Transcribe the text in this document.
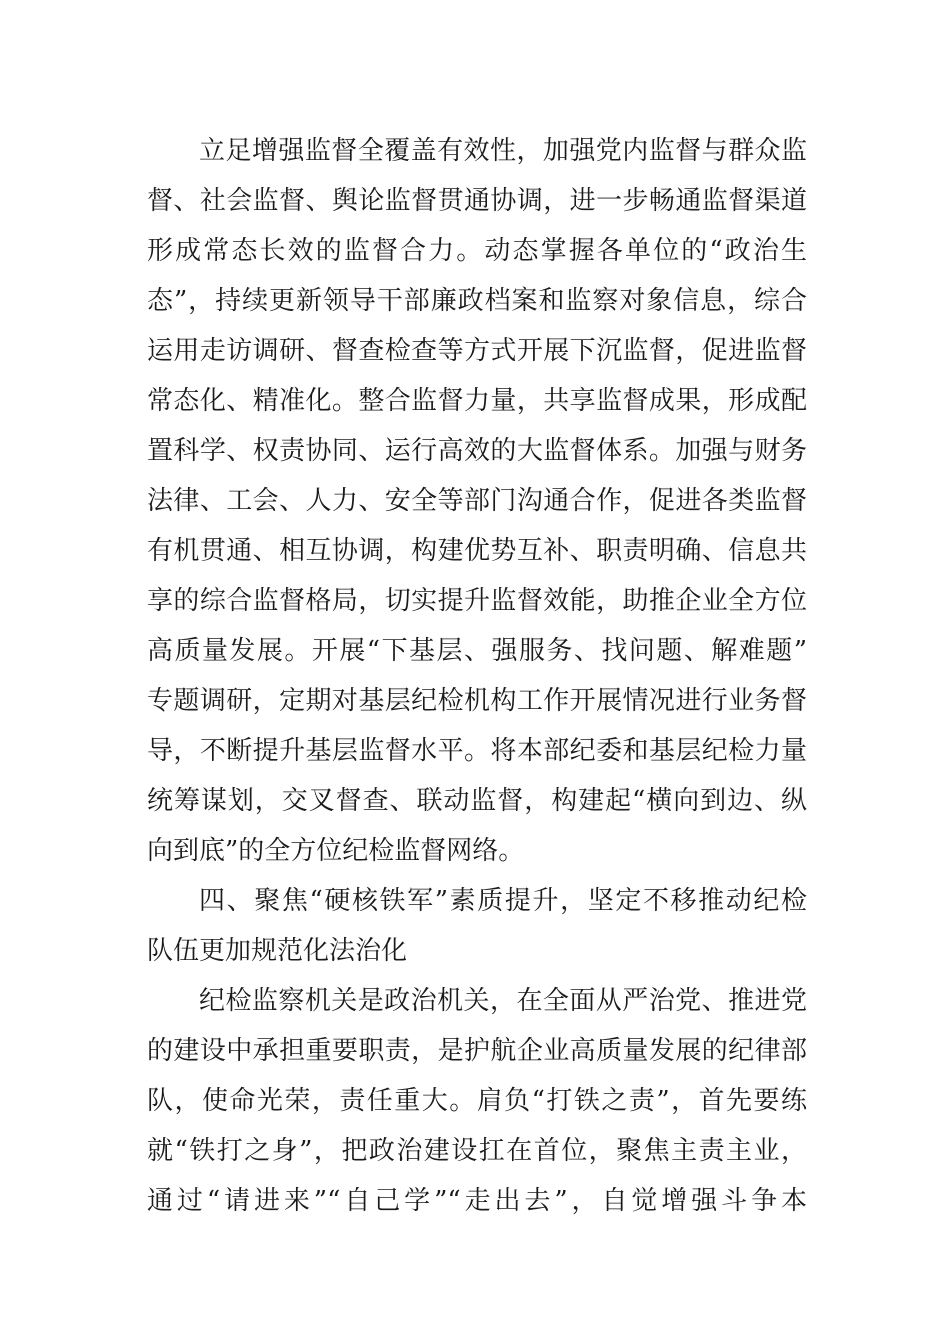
立足增强监督全覆盖有效性，加强党内监督与群众监
督、社会监督、舆论监督贯通协调，进一步畅通监督渠道
形成常态长效的监督合力。动态掌握各单位的“政治生
态”，持续更新领导干部廉政档案和监察对象信息，综合
运用走访调研、督查检查等方式开展下沉监督，促进监督
常态化、精准化。整合监督力量，共享监督成果，形成配
置科学、权责协同、运行高效的大监督体系。加强与财务
法律、工会、人力、安全等部门沟通合作，促进各类监督
有机贯通、相互协调，构建优势互补、职责明确、信息共
享的综合监督格局，切实提升监督效能，助推企业全方位
高质量发展。开展“下基层、强服务、找问题、解难题”
专题调研，定期对基层纪检机构工作开展情况进行业务督
导，不断提升基层监督水平。将本部纪委和基层纪检力量
统筹谋划，交叉督查、联动监督，构建起“横向到边、纵
向到底”的全方位纪检监督网络。
四、聚焦“硬核铁军”素质提升，坚定不移推动纪检
队伍更加规范化法治化
纪检监察机关是政治机关，在全面从严治党、推进党
的建设中承担重要职责，是护航企业高质量发展的纪律部
队，使命光荣，责任重大。肩负“打铁之责”，首先要练
就“铁打之身”，把政治建设扛在首位，聚焦主责主业，
通过“请进来”“自己学”“走出去”，自觉增强斗争本
